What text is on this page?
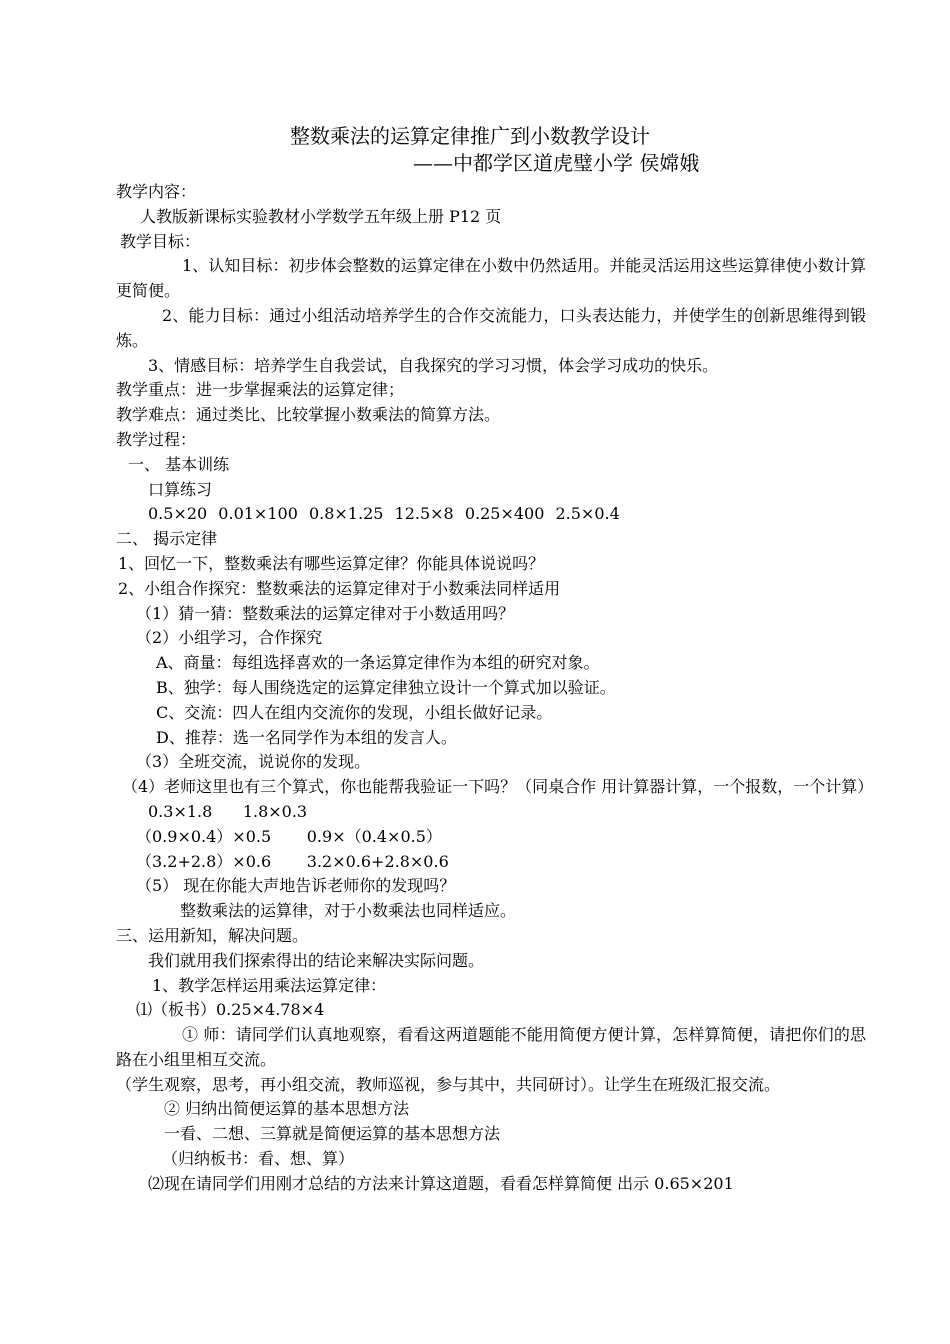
整数乘法的运算定律推广到小数教学设计
——中都学区道虎璧小学 侯嫦娥
教学内容：
人教版新课标实验教材小学数学五年级上册 P12 页
教学目标：
1、认知目标：初步体会整数的运算定律在小数中仍然适用。并能灵活运用这些运算律使小数计算更简便。
2、能力目标：通过小组活动培养学生的合作交流能力，口头表达能力，并使学生的创新思维得到锻炼。
3、情感目标：培养学生自我尝试，自我探究的学习习惯，体会学习成功的快乐。
教学重点：进一步掌握乘法的运算定律；
教学难点：通过类比、比较掌握小数乘法的简算方法。
教学过程：
一、 基本训练
口算练习
0.5×20 0.01×100 0.8×1.25 12.5×8 0.25×400 2.5×0.4
二、 揭示定律
1、回忆一下，整数乘法有哪些运算定律？你能具体说说吗？
2、小组合作探究：整数乘法的运算定律对于小数乘法同样适用
（1）猜一猜：整数乘法的运算定律对于小数适用吗？
（2）小组学习，合作探究
A、商量：每组选择喜欢的一条运算定律作为本组的研究对象。
B、独学：每人围绕选定的运算定律独立设计一个算式加以验证。
C、交流：四人在组内交流你的发现，小组长做好记录。
D、推荐：选一名同学作为本组的发言人。
（3）全班交流，说说你的发现。
（4）老师这里也有三个算式，你也能帮我验证一下吗？（同桌合作 用计算器计算，一个报数，一个计算）
0.3×1.8      1.8×0.3
（0.9×0.4）×0.5       0.9×（0.4×0.5）
（3.2+2.8）×0.6       3.2×0.6+2.8×0.6
（5） 现在你能大声地告诉老师你的发现吗？
整数乘法的运算律，对于小数乘法也同样适应。
三、运用新知，解决问题。
我们就用我们探索得出的结论来解决实际问题。
1、教学怎样运用乘法运算定律：
⑴（板书）0.25×4.78×4
① 师：请同学们认真地观察，看看这两道题能不能用简便方便计算，怎样算简便，请把你们的思路在小组里相互交流。
（学生观察，思考，再小组交流，教师巡视，参与其中，共同研讨）。让学生在班级汇报交流。
② 归纳出简便运算的基本思想方法
一看、二想、三算就是简便运算的基本思想方法
（归纳板书：看、想、算）
⑵现在请同学们用刚才总结的方法来计算这道题，看看怎样算简便 出示 0.65×201
